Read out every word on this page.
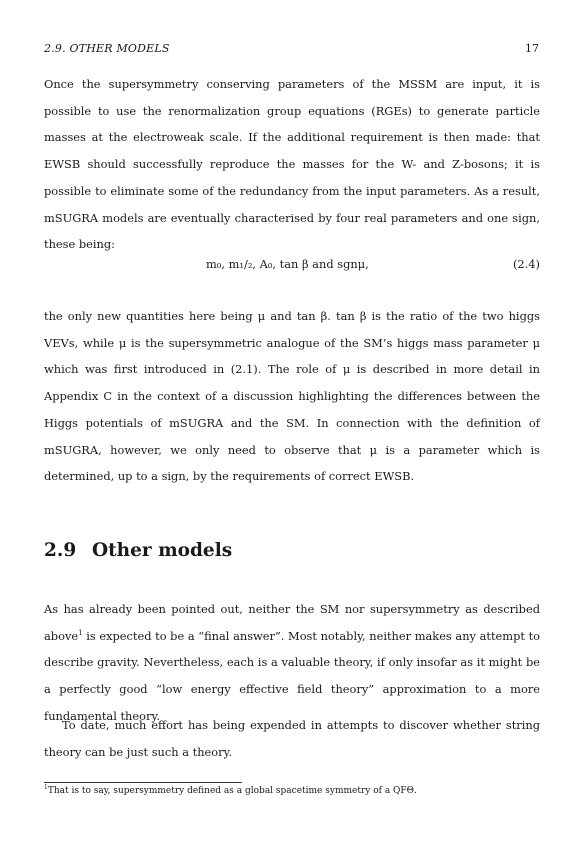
2.9. OTHER MODELS	17

Once the supersymmetry conserving parameters of the MSSM are input, it is possible to use the renormalization group equations (RGEs) to generate particle masses at the electroweak scale. If the additional requirement is then made: that EWSB should successfully reproduce the masses for the W- and Z-bosons; it is possible to eliminate some of the redundancy from the input parameters. As a result, mSUGRA models are eventually characterised by four real parameters and one sign, these being:

m₀, m₁/₂, A₀, tan β and sgnμ,	(2.4)

the only new quantities here being μ and tan β. tan β is the ratio of the two higgs VEVs, while μ is the supersymmetric analogue of the SM’s higgs mass parameter μ which was first introduced in (2.1). The role of μ is described in more detail in Appendix C in the context of a discussion highlighting the differences between the Higgs potentials of mSUGRA and the SM. In connection with the definition of mSUGRA, however, we only need to observe that μ is a parameter which is determined, up to a sign, by the requirements of correct EWSB.

2.9 Other models

As has already been pointed out, neither the SM nor supersymmetry as described above$^1$ is expected to be a “final answer”. Most notably, neither makes any attempt to describe gravity. Nevertheless, each is a valuable theory, if only insofar as it might be a perfectly good “low energy effective field theory” approximation to a more fundamental theory.

To date, much effort has being expended in attempts to discover whether string theory can be just such a theory.

$^1$That is to say, supersymmetry defined as a global spacetime symmetry of a QFΘ.
